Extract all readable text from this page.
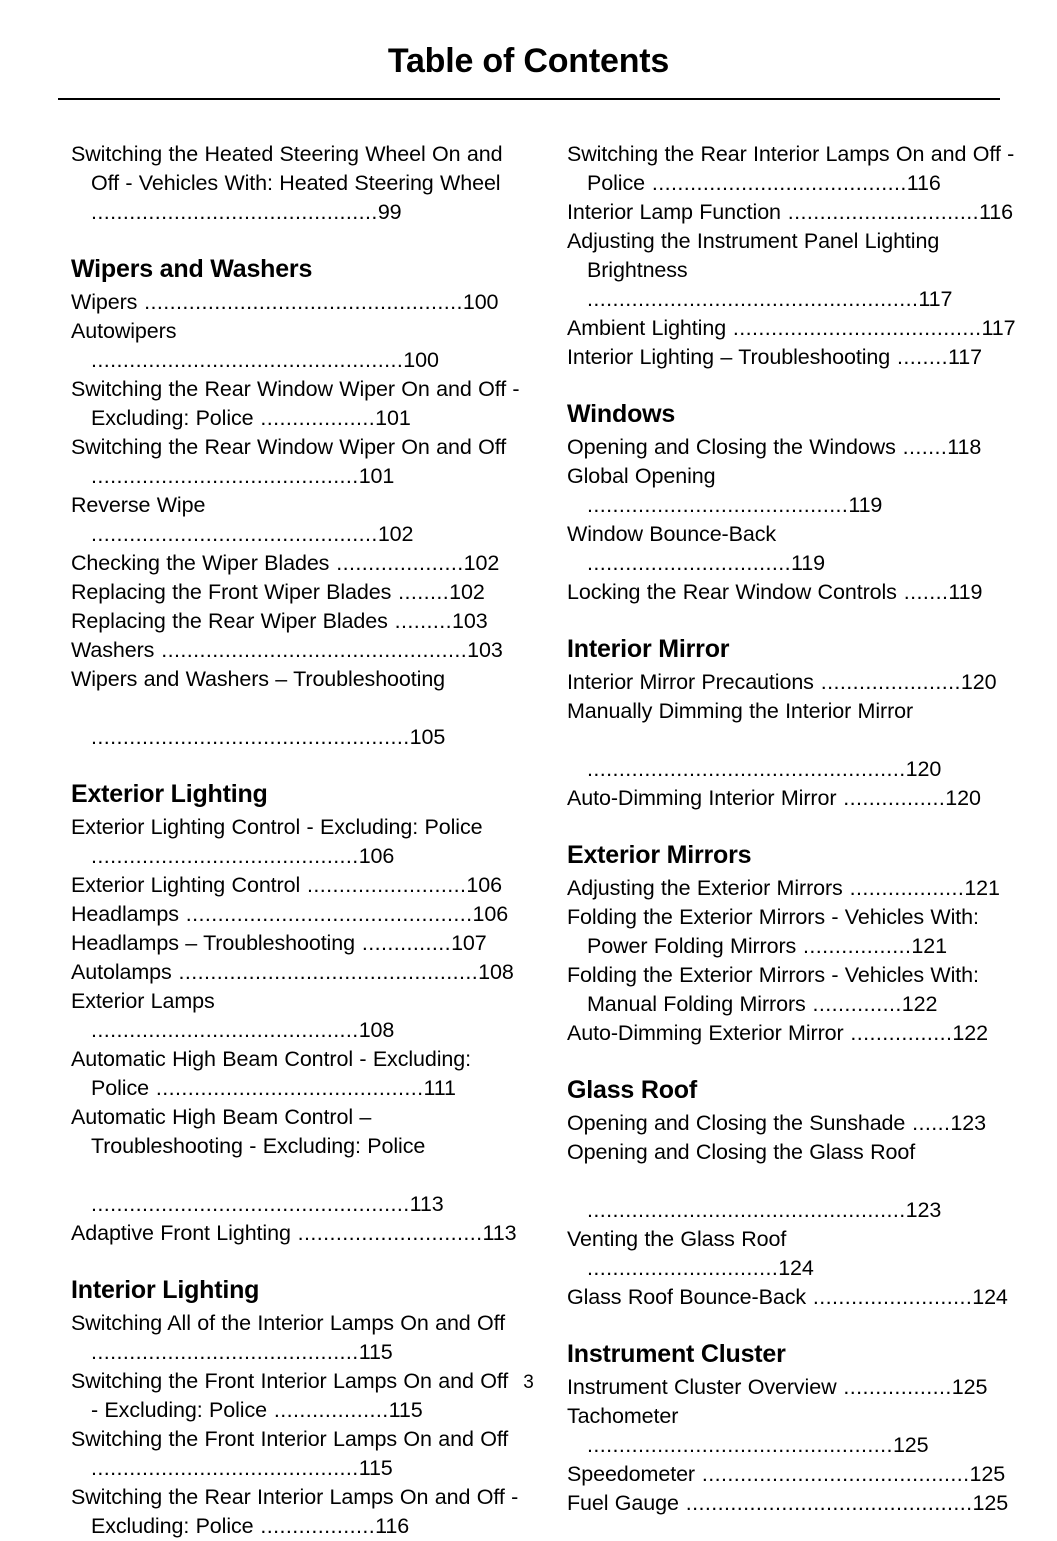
Table of Contents
Switching the Heated Steering Wheel On and Off - Vehicles With: Heated Steering Wheel .............................................99
Wipers and Washers
Wipers ..................................................100
Autowipers .................................................100
Switching the Rear Window Wiper On and Off - Excluding: Police ..................101
Switching the Rear Window Wiper On and Off ..........................................101
Reverse Wipe .............................................102
Checking the Wiper Blades ....................102
Replacing the Front Wiper Blades ........102
Replacing the Rear Wiper Blades .........103
Washers ................................................103
Wipers and Washers – Troubleshooting

..................................................105
Exterior Lighting
Exterior Lighting Control - Excluding: Police ..........................................106
Exterior Lighting Control .........................106
Headlamps .............................................106
Headlamps – Troubleshooting ..............107
Autolamps ...............................................108
Exterior Lamps ..........................................108
Automatic High Beam Control - Excluding: Police ..........................................111
Automatic High Beam Control – Troubleshooting - Excluding: Police

..................................................113
Adaptive Front Lighting .............................113
Interior Lighting
Switching All of the Interior Lamps On and Off ..........................................115
Switching the Front Interior Lamps On and Off - Excluding: Police ..................115
Switching the Front Interior Lamps On and Off ..........................................115
Switching the Rear Interior Lamps On and Off - Excluding: Police ..................116
Switching the Rear Interior Lamps On and Off - Police ........................................116
Interior Lamp Function ..............................116
Adjusting the Instrument Panel Lighting Brightness ....................................................117
Ambient Lighting .......................................117
Interior Lighting – Troubleshooting ........117
Windows
Opening and Closing the Windows .......118
Global Opening .........................................119
Window Bounce-Back ................................119
Locking the Rear Window Controls .......119
Interior Mirror
Interior Mirror Precautions ......................120
Manually Dimming the Interior Mirror

..................................................120
Auto-Dimming Interior Mirror ................120
Exterior Mirrors
Adjusting the Exterior Mirrors ..................121
Folding the Exterior Mirrors - Vehicles With: Power Folding Mirrors .................121
Folding the Exterior Mirrors - Vehicles With: Manual Folding Mirrors ..............122
Auto-Dimming Exterior Mirror ................122
Glass Roof
Opening and Closing the Sunshade ......123
Opening and Closing the Glass Roof

..................................................123
Venting the Glass Roof ..............................124
Glass Roof Bounce-Back .........................124
Instrument Cluster
Instrument Cluster Overview .................125
Tachometer ................................................125
Speedometer ..........................................125
Fuel Gauge .............................................125
3
